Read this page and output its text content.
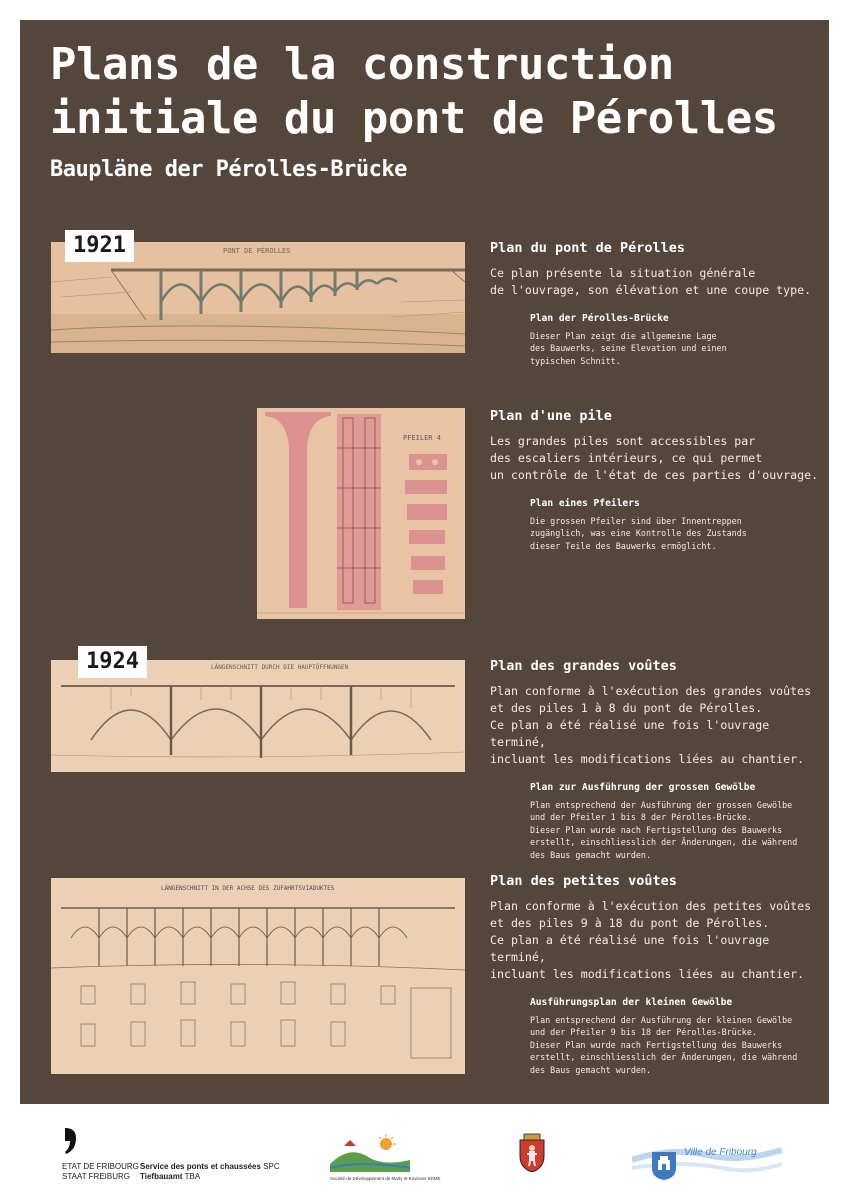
Plans de la construction
initiale du pont de Pérolles
Baupläne der Pérolles-Brücke
PONT DE PÉROLLES
1921	Plan du pont de Pérolles
Ce plan présente la situation générale
de l'ouvrage, son élévation et une coupe type.
Plan der Pérolles-Brücke
Dieser Plan zeigt die allgemeine Lage
des Bauwerks, seine Elevation und einen
typischen Schnitt.
PFEILER 4
Plan d'une pile
Les grandes piles sont accessibles par
des escaliers intérieurs, ce qui permet
un contrôle de l'état de ces parties d'ouvrage.
Plan eines Pfeilers
Die grossen Pfeiler sind über Innentreppen
zugänglich, was eine Kontrolle des Zustands
dieser Teile des Bauwerks ermöglicht.
LÄNGENSCHNITT DURCH DIE HAUPTÖFFNUNGEN
1924	Plan des grandes voûtes
Plan conforme à l'exécution des grandes voûtes
et des piles 1 à 8 du pont de Pérolles.
Ce plan a été réalisé une fois l'ouvrage terminé,
incluant les modifications liées au chantier.
Plan zur Ausführung der grossen Gewölbe
Plan entsprechend der Ausführung der grossen Gewölbe
und der Pfeiler 1 bis 8 der Pérolles-Brücke.
Dieser Plan wurde nach Fertigstellung des Bauwerks
erstellt, einschliesslich der Änderungen, die während
des Baus gemacht wurden.
LÄNGENSCHNITT IN DER ACHSE DES ZUFAHRTSVIADUKTES	Plan des petites voûtes
Plan conforme à l'exécution des petites voûtes
et des piles 9 à 18 du pont de Pérolles.
Ce plan a été réalisé une fois l'ouvrage terminé,
incluant les modifications liées au chantier.
Ausführungsplan der kleinen Gewölbe
Plan entsprechend der Ausführung der kleinen Gewölbe
und der Pfeiler 9 bis 18 der Pérolles-Brücke.
Dieser Plan wurde nach Fertigstellung des Bauwerks
erstellt, einschliesslich der Änderungen, die während
des Baus gemacht wurden.
ETAT DE FRIBOURG
STAAT FREIBURG
Service des ponts et chaussées SPC
Tiefbauamt TBA	Société de Développement de Marly et Environs SDME
Ville de Fribourg
